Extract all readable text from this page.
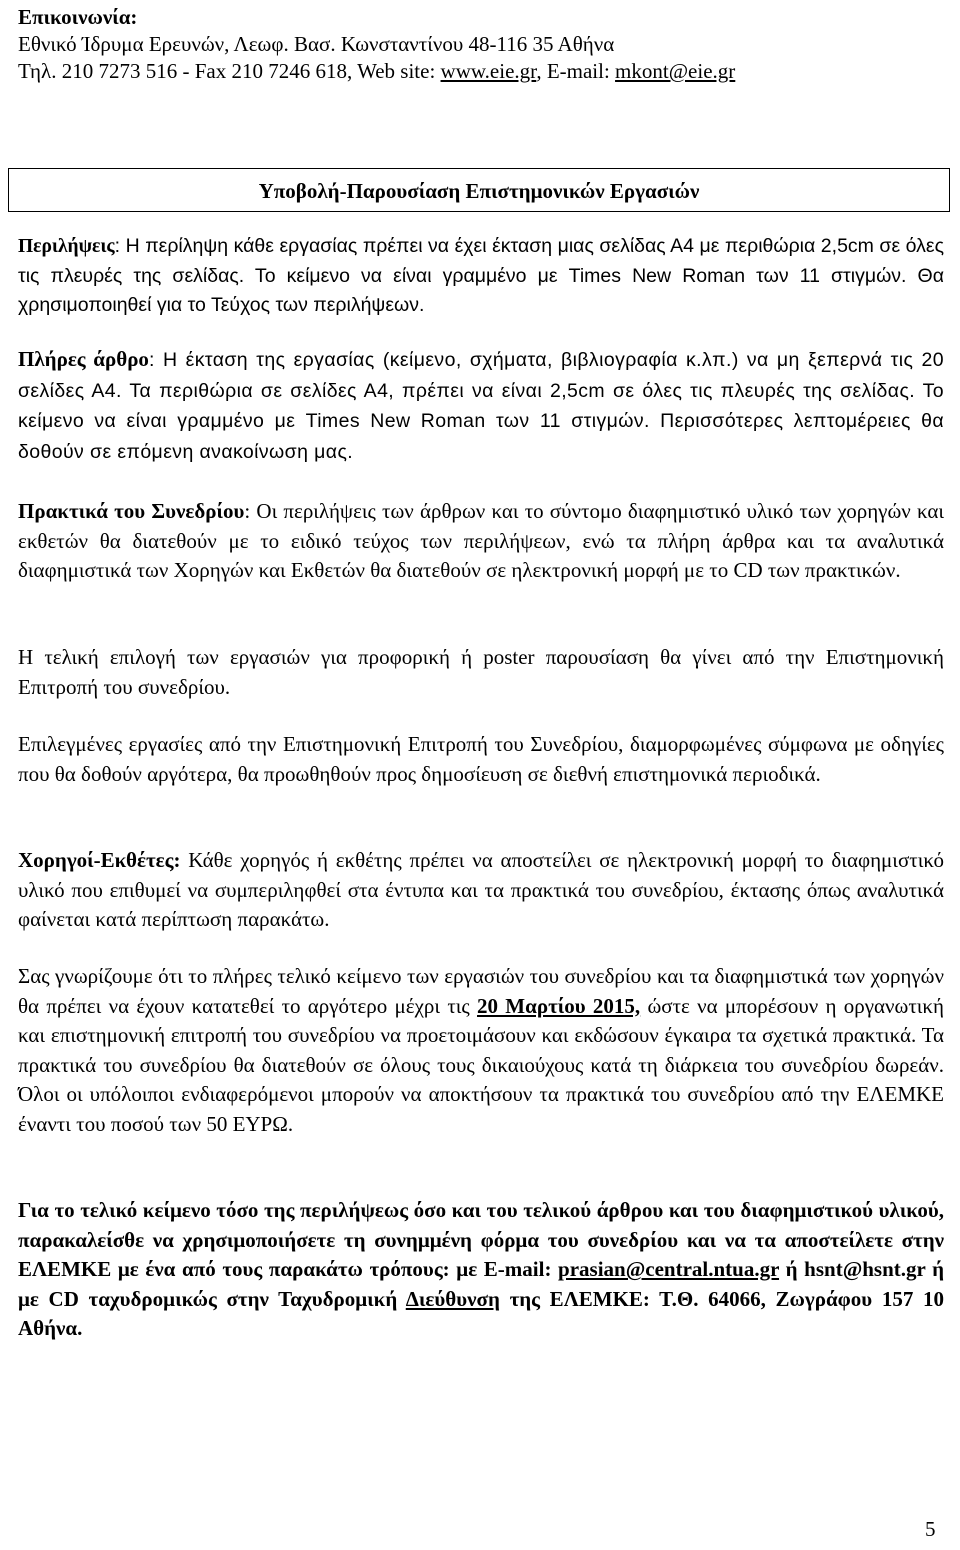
Επικοινωνία:
Εθνικό Ίδρυμα Ερευνών, Λεωφ. Βασ. Κωνσταντίνου 48-116 35 Αθήνα
Τηλ. 210 7273 516 - Fax 210 7246 618, Web site: www.eie.gr, E-mail: mkont@eie.gr
Υποβολή-Παρουσίαση Επιστημονικών Εργασιών
Περιλήψεις: Η περίληψη κάθε εργασίας πρέπει να έχει έκταση μιας σελίδας Α4 με περιθώρια 2,5cm σε όλες τις πλευρές της σελίδας. Το κείμενο να είναι γραμμένο με Times New Roman των 11 στιγμών. Θα χρησιμοποιηθεί για το Τεύχος των περιλήψεων.
Πλήρες άρθρο: Η έκταση της εργασίας (κείμενο, σχήματα, βιβλιογραφία κ.λπ.) να μη ξεπερνά τις 20 σελίδες Α4. Τα περιθώρια σε σελίδες Α4, πρέπει να είναι 2,5cm σε όλες τις πλευρές της σελίδας. Το κείμενο να είναι γραμμένο με Times New Roman των 11 στιγμών. Περισσότερες λεπτομέρειες θα δοθούν σε επόμενη ανακοίνωση μας.
Πρακτικά του Συνεδρίου: Οι περιλήψεις των άρθρων και το σύντομο διαφημιστικό υλικό των χορηγών και εκθετών θα διατεθούν με το ειδικό τεύχος των περιλήψεων, ενώ τα πλήρη άρθρα και τα αναλυτικά διαφημιστικά των Χορηγών και Εκθετών θα διατεθούν σε ηλεκτρονική μορφή με το CD των πρακτικών.
Η τελική επιλογή των εργασιών για προφορική ή poster παρουσίαση θα γίνει από την Επιστημονική Επιτροπή του συνεδρίου.
Επιλεγμένες εργασίες από την Επιστημονική Επιτροπή του Συνεδρίου, διαμορφωμένες σύμφωνα με οδηγίες που θα δοθούν αργότερα, θα προωθηθούν προς δημοσίευση σε διεθνή επιστημονικά περιοδικά.
Χορηγοί-Εκθέτες: Κάθε χορηγός ή εκθέτης πρέπει να αποστείλει σε ηλεκτρονική μορφή το διαφημιστικό υλικό που επιθυμεί να συμπεριληφθεί στα έντυπα και τα πρακτικά του συνεδρίου, έκτασης όπως αναλυτικά φαίνεται κατά περίπτωση παρακάτω.
Σας γνωρίζουμε ότι το πλήρες τελικό κείμενο των εργασιών του συνεδρίου και τα διαφημιστικά των χορηγών θα πρέπει να έχουν κατατεθεί το αργότερο μέχρι τις 20 Μαρτίου 2015, ώστε να μπορέσουν η οργανωτική και επιστημονική επιτροπή του συνεδρίου να προετοιμάσουν και εκδώσουν έγκαιρα τα σχετικά πρακτικά. Τα πρακτικά του συνεδρίου θα διατεθούν σε όλους τους δικαιούχους κατά τη διάρκεια του συνεδρίου δωρεάν. Όλοι οι υπόλοιποι ενδιαφερόμενοι μπορούν να αποκτήσουν τα πρακτικά του συνεδρίου από την ΕΛΕΜΚΕ έναντι του ποσού των 50 ΕΥΡΩ.
Για το τελικό κείμενο τόσο της περιλήψεως όσο και του τελικού άρθρου και του διαφημιστικού υλικού, παρακαλείσθε να χρησιμοποιήσετε τη συνημμένη φόρμα του συνεδρίου και να τα αποστείλετε στην ΕΛΕΜΚΕ με ένα από τους παρακάτω τρόπους: με E-mail: prasian@central.ntua.gr ή hsnt@hsnt.gr ή με CD ταχυδρομικώς στην Ταχυδρομική Διεύθυνση της ΕΛΕΜΚΕ: Τ.Θ. 64066, Ζωγράφου 157 10 Αθήνα.
5
